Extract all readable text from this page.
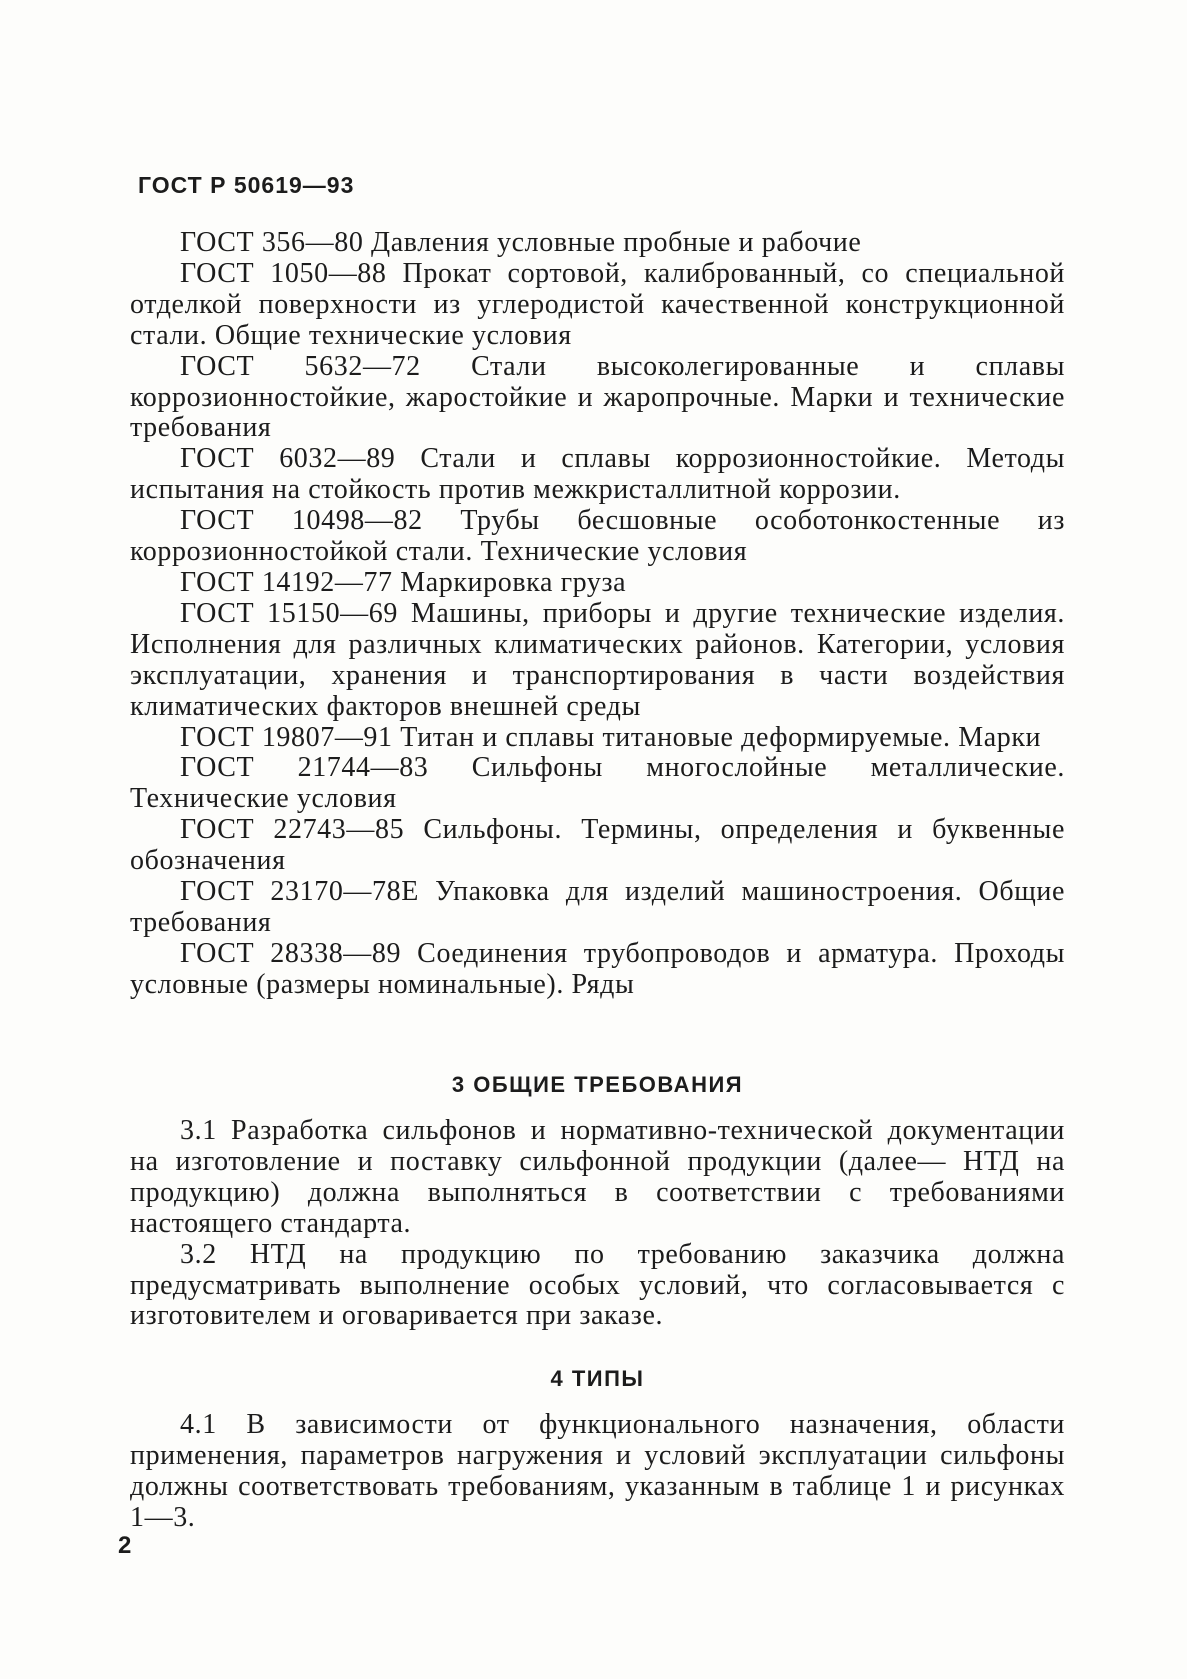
ГОСТ Р 50619—93

ГОСТ 356—80 Давления условные пробные и рабочие

ГОСТ 1050—88 Прокат сортовой, калиброванный, со специальной отделкой поверхности из углеродистой качественной конструкционной стали. Общие технические условия

ГОСТ 5632—72 Стали высоколегированные и сплавы коррозионностойкие, жаростойкие и жаропрочные. Марки и технические требования

ГОСТ 6032—89 Стали и сплавы коррозионностойкие. Методы испытания на стойкость против межкристаллитной коррозии.

ГОСТ 10498—82 Трубы бесшовные особотонкостенные из коррозионностойкой стали. Технические условия

ГОСТ 14192—77 Маркировка груза

ГОСТ 15150—69 Машины, приборы и другие технические изделия. Исполнения для различных климатических районов. Категории, условия эксплуатации, хранения и транспортирования в части воздействия климатических факторов внешней среды

ГОСТ 19807—91 Титан и сплавы титановые деформируемые. Марки

ГОСТ 21744—83 Сильфоны многослойные металлические. Технические условия

ГОСТ 22743—85 Сильфоны. Термины, определения и буквенные обозначения

ГОСТ 23170—78Е Упаковка для изделий машиностроения. Общие требования

ГОСТ 28338—89 Соединения трубопроводов и арматура. Проходы условные (размеры номинальные). Ряды

3 ОБЩИЕ ТРЕБОВАНИЯ

3.1 Разработка сильфонов и нормативно-технической документации на изготовление и поставку сильфонной продукции (далее— НТД на продукцию) должна выполняться в соответствии с требованиями настоящего стандарта.

3.2 НТД на продукцию по требованию заказчика должна предусматривать выполнение особых условий, что согласовывается с изготовителем и оговаривается при заказе.

4 ТИПЫ

4.1 В зависимости от функционального назначения, области применения, параметров нагружения и условий эксплуатации сильфоны должны соответствовать требованиям, указанным в таблице 1 и рисунках 1—3.

2
